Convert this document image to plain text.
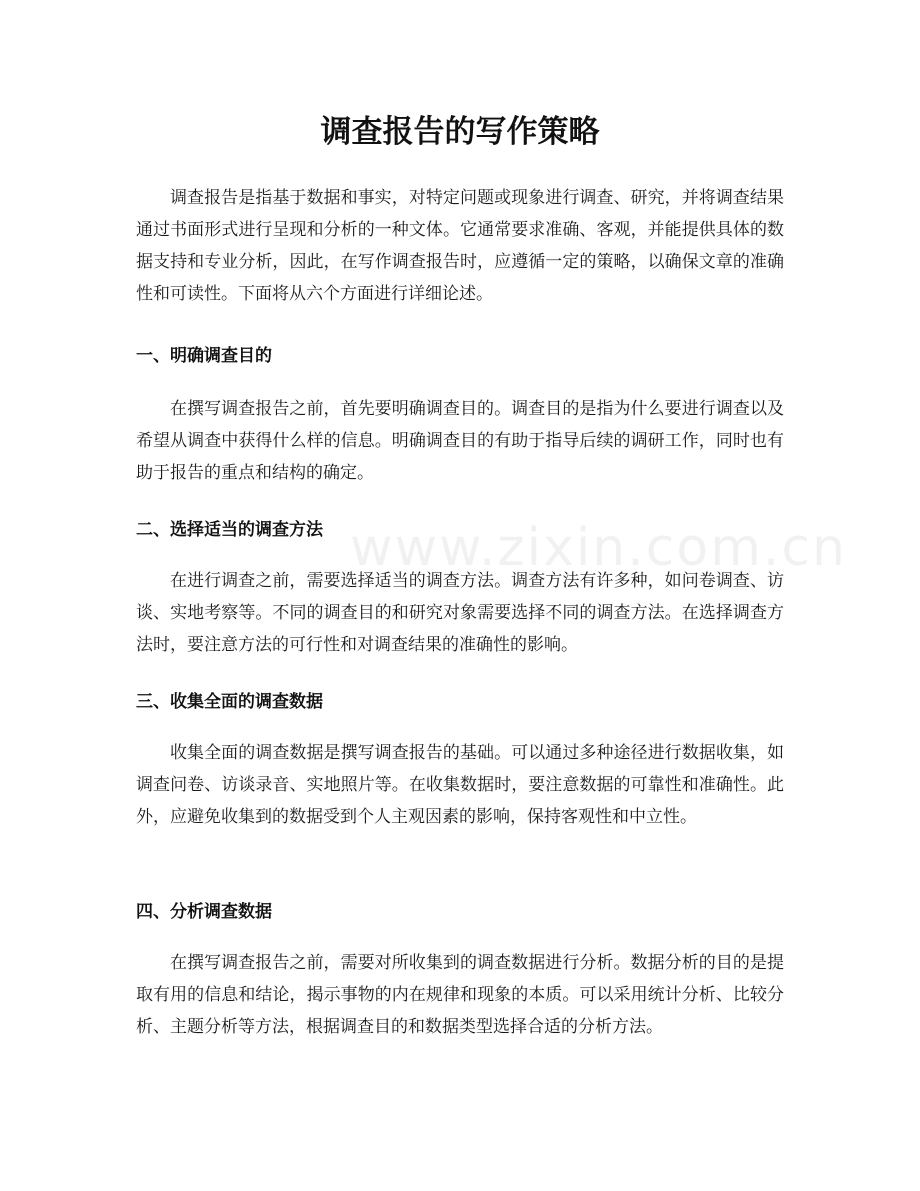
www.zixin.com.cn
调查报告的写作策略

调查报告是指基于数据和事实，对特定问题或现象进行调查、研究，并将调查结果通过书面形式进行呈现和分析的一种文体。它通常要求准确、客观，并能提供具体的数据支持和专业分析，因此，在写作调查报告时，应遵循一定的策略，以确保文章的准确性和可读性。下面将从六个方面进行详细论述。

一、明确调查目的

在撰写调查报告之前，首先要明确调查目的。调查目的是指为什么要进行调查以及希望从调查中获得什么样的信息。明确调查目的有助于指导后续的调研工作，同时也有助于报告的重点和结构的确定。

二、选择适当的调查方法

在进行调查之前，需要选择适当的调查方法。调查方法有许多种，如问卷调查、访谈、实地考察等。不同的调查目的和研究对象需要选择不同的调查方法。在选择调查方法时，要注意方法的可行性和对调查结果的准确性的影响。

三、收集全面的调查数据

收集全面的调查数据是撰写调查报告的基础。可以通过多种途径进行数据收集，如调查问卷、访谈录音、实地照片等。在收集数据时，要注意数据的可靠性和准确性。此外，应避免收集到的数据受到个人主观因素的影响，保持客观性和中立性。

四、分析调查数据

在撰写调查报告之前，需要对所收集到的调查数据进行分析。数据分析的目的是提取有用的信息和结论，揭示事物的内在规律和现象的本质。可以采用统计分析、比较分析、主题分析等方法，根据调查目的和数据类型选择合适的分析方法。
